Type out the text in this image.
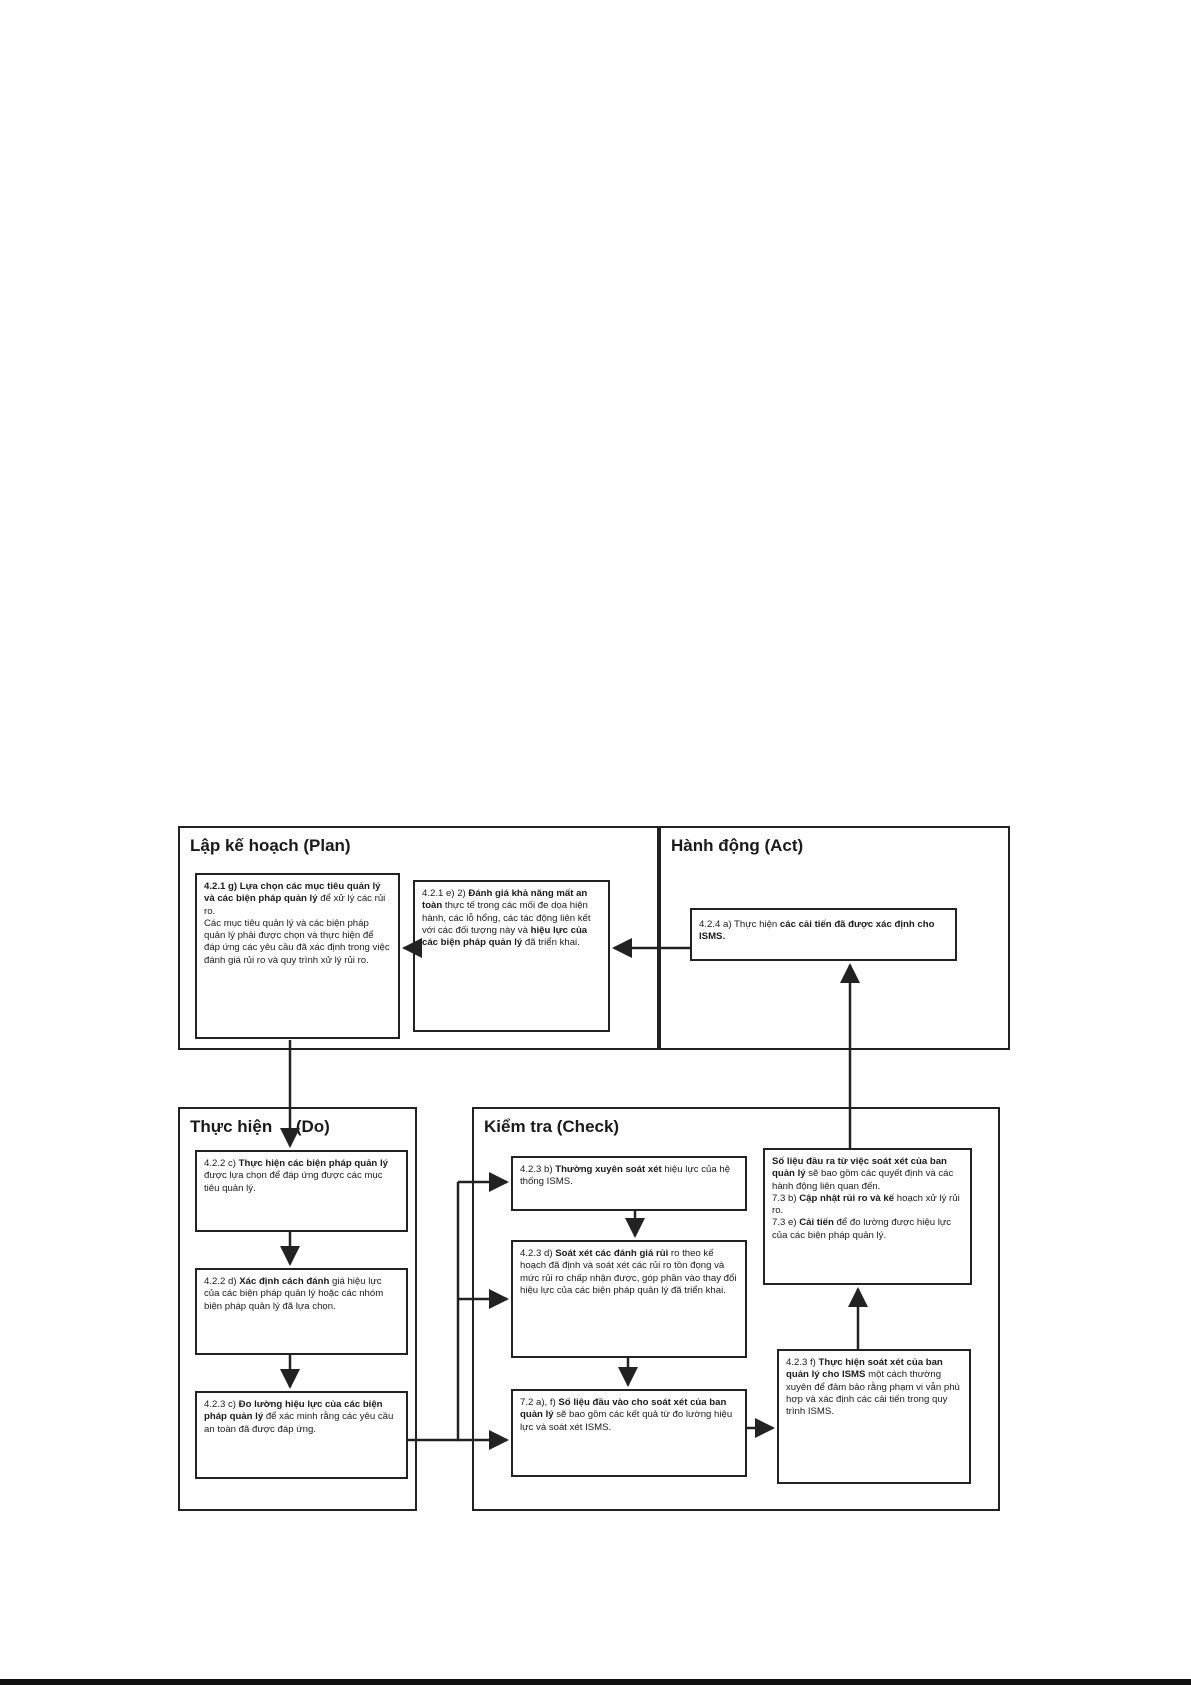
Lập kế hoạch (Plan)	Hành động (Act)
Thực hiện     (Do)	Kiểm tra (Check)

4.2.1 g) Lựa chọn các mục tiêu quản lý và các biện pháp quản lý để xử lý các rủi ro.

Các mục tiêu quản lý và các biện pháp quản lý phải được chọn và thực hiện để đáp ứng các yêu cầu đã xác định trong việc đánh giá rủi ro và quy trình xử lý rủi ro.

4.2.1 e) 2) Đánh giá khả năng mất an toàn thực tế trong các mối đe dọa hiện hành, các lỗ hổng, các tác động liên kết với các đối tượng này và hiệu lực của các biện pháp quản lý đã triển khai.

4.2.4 a) Thực hiện các cải tiến đã được xác định cho ISMS.

4.2.2 c) Thực hiện các biện pháp quản lý được lựa chọn để đáp ứng được các mục tiêu quản lý.

4.2.2 d) Xác định cách đánh giá hiệu lực của các biện pháp quản lý hoặc các nhóm biện pháp quản lý đã lựa chọn.

4.2.3 c) Đo lường hiệu lực của các biện pháp quản lý để xác minh rằng các yêu cầu an toàn đã được đáp ứng.

4.2.3 b) Thường xuyên soát xét hiệu lực của hệ thống ISMS.

4.2.3 d) Soát xét các đánh giá rủi ro theo kế hoạch đã định và soát xét các rủi ro tồn đọng và mức rủi ro chấp nhận được, góp phần vào thay đổi hiệu lực của các biện pháp quản lý đã triển khai.

7.2 a), f) Số liệu đầu vào cho soát xét của ban quản lý sẽ bao gồm các kết quả từ đo lường hiệu lực và soát xét ISMS.

Số liệu đầu ra từ việc soát xét của ban quản lý sẽ bao gồm các quyết định và các hành động liên quan đến.

7.3 b) Cập nhật rủi ro và kế hoạch xử lý rủi ro.

7.3 e) Cải tiến để đo lường được hiệu lực của các biện pháp quản lý.

4.2.3 f) Thực hiện soát xét của ban quản lý cho ISMS một cách thường xuyên để đảm bảo rằng phạm vi vẫn phù hợp và xác định các cải tiến trong quy trình ISMS.
